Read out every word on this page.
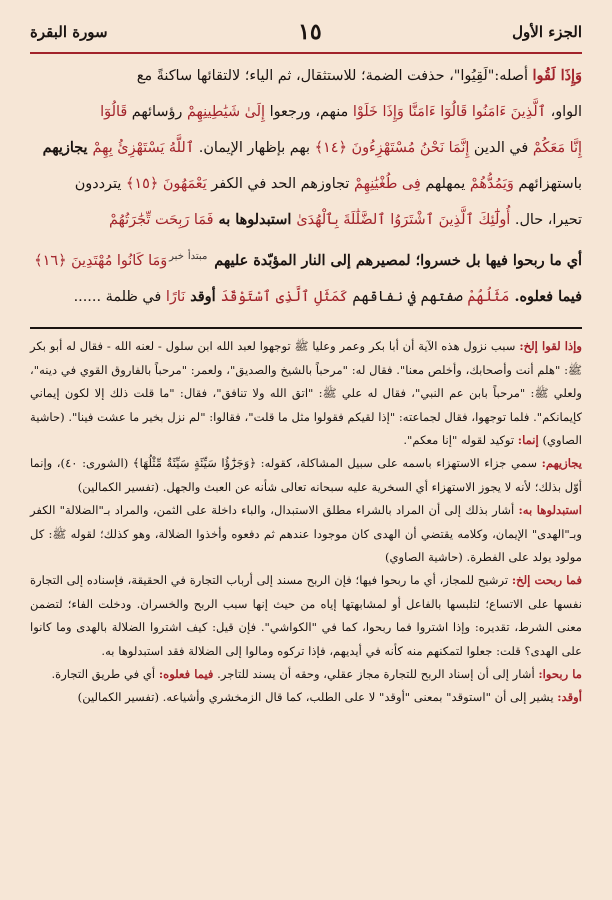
الجزء الأول
١٥
سورة البقرة
وَإِذَا لَقُوا أصله:"لَقِيُوا"، حذفت الضمة؛ للاستثقال، ثم الياء؛ لالتقائها ساكنةً مع
الواو، ٱلَّذِينَ ءَامَنُوا قَالُوٓا ءَامَنَّا وَإِذَا خَلَوْا منهم، ورجعوا إِلَىٰ شَيَٰطِينِهِمْ رؤسائهم قَالُوٓا
إِنَّا مَعَكُمْ في الدين إِنَّمَا نَحْنُ مُسْتَهْزِءُونَ ﴿١٤﴾ بهم بإظهار الإيمان. ٱللَّهُ يَسْتَهْزِئُ بِهِمْ يجازيهم
باستهزائهم وَيَمُدُّهُمْ يمهلهم فِى طُغْيَٰنِهِمْ تجاوزهم الحد في الكفر يَعْمَهُونَ ﴿١٥﴾ يترددون
تحيرا، حال. أُولَٰٓئِكَ ٱلَّذِينَ ٱشْتَرَوُا ٱلضَّلَٰلَةَ بِٱلْهُدَىٰ استبدلوها به فَمَا رَبِحَت تِّجَٰرَتُهُمْ
أي ما ربحوا فيها بل خسروا؛ لمصيرهم إلى النار المؤبّدة عليهم $^{مبتدأخبر}$وَمَا كَانُوا مُهْتَدِينَ ﴿١٦﴾
فيما فعلوه. مَثَلُهُمْ صفتهم في نفاقهم كَمَثَلِ ٱلَّذِى ٱسْتَوْقَدَ أوقد نَارًا في ظلمة ......
وإذا لقوا إلخ: سبب نزول هذه الآية أن أبا بكر وعمر وعليا ﷺ توجهوا لعبد الله ابن سلول - لعنه الله - فقال له أبو بكر ﷺ: "هلم أنت وأصحابك، وأخلص معنا". فقال له: "مرحباً بالشيخ والصديق"، ولعمر: "مرحباً بالفاروق القوي في دينه"، ولعلي ﷺ: "مرحباً بابن عم النبي"، فقال له علي ﷺ: "اتق الله ولا تنافق"، فقال: "ما قلت ذلك إلا لكون إيماني كإيمانكم". فلما توجهوا، فقال لجماعته: "إذا لقيكم فقولوا مثل ما قلت"، فقالوا: "لم نزل بخير ما عشت فينا". (حاشية الصاوي) إنما: توكيد لقوله "إنا معكم".
يجازيهم: سمي جزاء الاستهزاء باسمه على سبيل المشاكلة، كقوله: ﴿وَجَزَٰٓؤُا سَيِّئَةٍ سَيِّئَةٌ مِّثْلُهَا﴾ (الشورى: ٤٠)، وإنما أوّل بذلك؛ لأنه لا يجوز الاستهزاء أي السخرية عليه سبحانه تعالى شأنه عن العبث والجهل. (تفسير الكمالين)
استبدلوها به: أشار بذلك إلى أن المراد بالشراء مطلق الاستبدال، والباء داخلة على الثمن، والمراد بـ"الضلالة" الكفر وبـ"الهدى" الإيمان، وكلامه يقتضي أن الهدى كان موجودا عندهم ثم دفعوه وأخذوا الضلالة، وهو كذلك؛ لقوله ﷺ: كل مولود يولد على الفطرة. (حاشية الصاوي)
فما ربحت إلخ: ترشيح للمجاز، أي ما ربحوا فيها؛ فإن الربح مسند إلى أرباب التجارة في الحقيقة، فإسناده إلى التجارة نفسها على الاتساع؛ لتلبسها بالفاعل أو لمشابهتها إياه من حيث إنها سبب الربح والخسران. ودخلت الفاء؛ لتضمن معنى الشرط، تقديره: وإذا اشتروا فما ربحوا، كما في "الكواشي". فإن قيل: كيف اشتروا الضلالة بالهدى وما كانوا على الهدى؟ قلت: جعلوا لتمكنهم منه كأنه في أيديهم، فإذا تركوه ومالوا إلى الضلالة فقد استبدلوها به.
ما ربحوا: أشار إلى أن إسناد الربح للتجارة مجاز عقلي، وحقه أن يسند للتاجر. فيما فعلوه: أي في طريق التجارة.
أوقد: يشير إلى أن "استوقد" بمعنى "أوقد" لا على الطلب، كما قال الزمخشري وأشياعه. (تفسير الكمالين)
